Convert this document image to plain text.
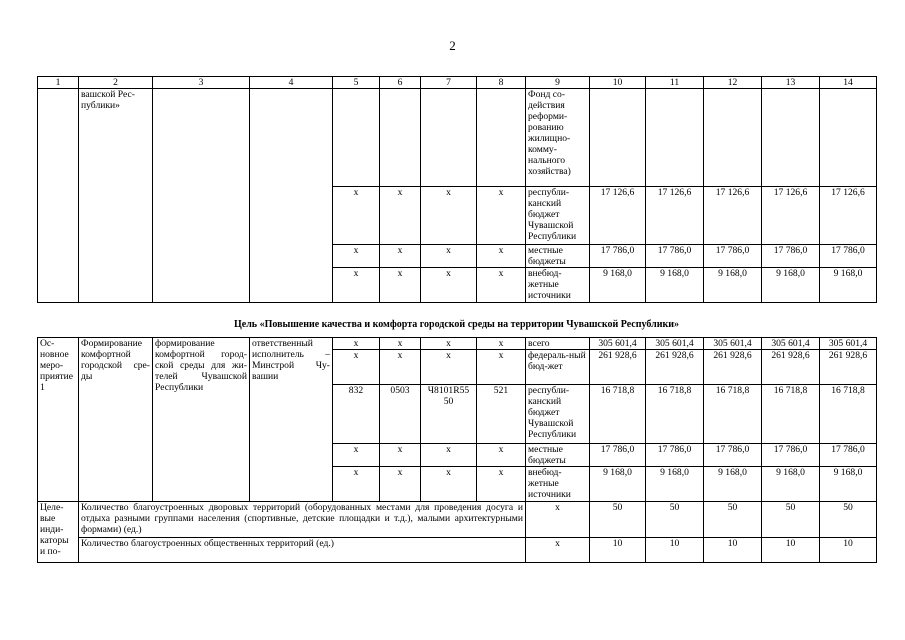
2
1	2	3	4	5	6	7	8	9	10	11	12	13	14
	вашской Рес-публики»							Фонд со-действия реформи-рованию жилищно-комму-нального хозяйства)					
				х	х	х	х	республи-канский бюджет Чувашской Республики	17 126,6	17 126,6	17 126,6	17 126,6	17 126,6
				х	х	х	х	местные бюджеты	17 786,0	17 786,0	17 786,0	17 786,0	17 786,0
				х	х	х	х	внебюд-жетные источники	9 168,0	9 168,0	9 168,0	9 168,0	9 168,0
Цель «Повышение качества и комфорта городской среды на территории Чувашской Республики»
Ос-новное меро-приятие 1	Формирование комфортной городской сре-ды	формирование комфортной город-ской среды для жи-телей Чувашской Республики	ответственный исполнитель – Минстрой Чу-вашии	х	х	х	х	всего	305 601,4	305 601,4	305 601,4	305 601,4	305 601,4
				х	х	х	х	федераль-ный бюд-жет	261 928,6	261 928,6	261 928,6	261 928,6	261 928,6
				832	0503	Ч8101R55 50	521	республи-канский бюджет Чувашской Республики	16 718,8	16 718,8	16 718,8	16 718,8	16 718,8
				х	х	х	х	местные бюджеты	17 786,0	17 786,0	17 786,0	17 786,0	17 786,0
				х	х	х	х	внебюд-жетные источники	9 168,0	9 168,0	9 168,0	9 168,0	9 168,0
Целе-вые инди-каторы и по-	Количество благоустроенных дворовых территорий (оборудованных местами для проведения досуга и отдыха разными группами населения (спортивные, детские площадки и т.д.), малыми архитектурными формами) (ед.)							х	50	50	50	50	50
	Количество благоустроенных общественных территорий (ед.)							х	10	10	10	10	10
